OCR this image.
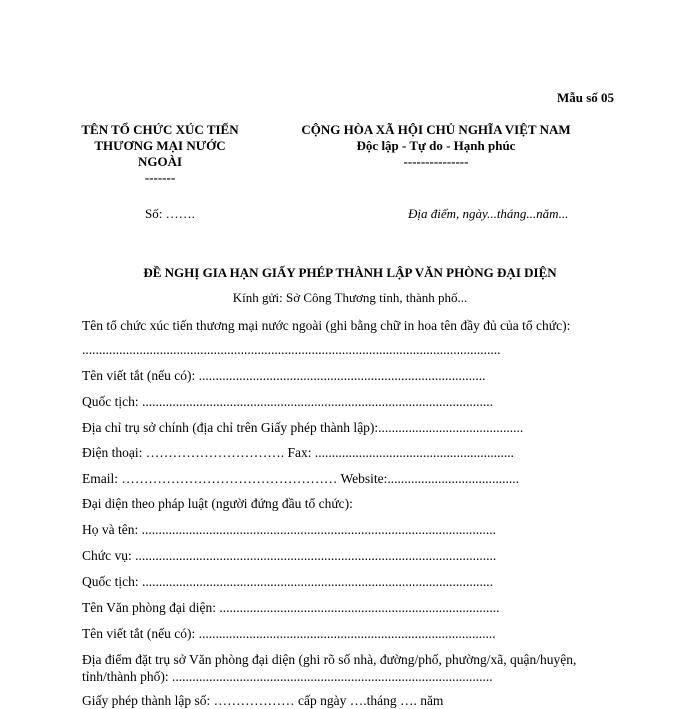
Mẫu số 05
TÊN TỔ CHỨC XÚC TIẾN
THƯƠNG MẠI NƯỚC
NGOÀI
-------
CỘNG HÒA XÃ HỘI CHỦ NGHĨA VIỆT NAM
Độc lập - Tự do - Hạnh phúc
---------------
Số: …….	Địa điểm, ngày...tháng...năm...
ĐỀ NGHỊ GIA HẠN GIẤY PHÉP THÀNH LẬP VĂN PHÒNG ĐẠI DIỆN
Kính gửi: Sở Công Thương tỉnh, thành phố...
Tên tổ chức xúc tiến thương mại nước ngoài (ghi bằng chữ in hoa tên đầy đủ của tổ chức):
............................................................................................................................
Tên viết tắt (nếu có): .....................................................................................
Quốc tịch: ........................................................................................................
Địa chỉ trụ sở chính (địa chỉ trên Giấy phép thành lập):...........................................
Điện thoại: …………………………. Fax: ...........................................................
Email: ………………………………………… Website:.......................................
Đại diện theo pháp luật (người đứng đầu tổ chức):
Họ và tên: .........................................................................................................
Chức vụ: ...........................................................................................................
Quốc tịch: ........................................................................................................
Tên Văn phòng đại diện: ...................................................................................
Tên viết tắt (nếu có): ........................................................................................
Địa điểm đặt trụ sở Văn phòng đại diện (ghi rõ số nhà, đường/phố, phường/xã, quận/huyện,
tỉnh/thành phố): ...............................................................................................
Giấy phép thành lập số: ……………… cấp ngày ….tháng …. năm
